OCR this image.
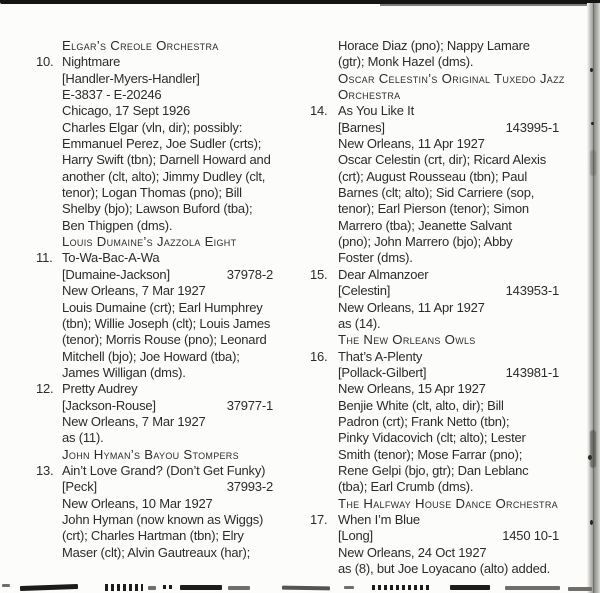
Elgar’s Creole Orchestra
10. Nightmare
[Handler-Myers-Handler]
E-3837 - E-20246
Chicago, 17 Sept 1926
Charles Elgar (vln, dir); possibly:
Emmanuel Perez, Joe Sudler (crts);
Harry Swift (tbn); Darnell Howard and
another (clt, alto); Jimmy Dudley (clt,
tenor); Logan Thomas (pno); Bill
Shelby (bjo); Lawson Buford (tba);
Ben Thigpen (dms).
Louis Dumaine’s Jazzola Eight
11. To-Wa-Bac-A-Wa
[Dumaine-Jackson]	37978-2
New Orleans, 7 Mar 1927
Louis Dumaine (crt); Earl Humphrey
(tbn); Willie Joseph (clt); Louis James
(tenor); Morris Rouse (pno); Leonard
Mitchell (bjo); Joe Howard (tba);
James Willigan (dms).
12. Pretty Audrey
[Jackson-Rouse]	37977-1
New Orleans, 7 Mar 1927
as (11).
John Hyman’s Bayou Stompers
13. Ain’t Love Grand? (Don’t Get Funky)
[Peck]	37993-2
New Orleans, 10 Mar 1927
John Hyman (now known as Wiggs)
(crt); Charles Hartman (tbn); Elry
Maser (clt); Alvin Gautreaux (har);
Horace Diaz (pno); Nappy Lamare
(gtr); Monk Hazel (dms).
Oscar Celestin’s Original Tuxedo Jazz
Orchestra
14. As You Like It
[Barnes]	143995-1
New Orleans, 11 Apr 1927
Oscar Celestin (crt, dir); Ricard Alexis
(crt); August Rousseau (tbn); Paul
Barnes (clt; alto); Sid Carriere (sop,
tenor); Earl Pierson (tenor); Simon
Marrero (tba); Jeanette Salvant
(pno); John Marrero (bjo); Abby
Foster (dms).
15. Dear Almanzoer
[Celestin]	143953-1
New Orleans, 11 Apr 1927
as (14).
The New Orleans Owls
16. That’s A-Plenty
[Pollack-Gilbert]	143981-1
New Orleans, 15 Apr 1927
Benjie White (clt, alto, dir); Bill
Padron (crt); Frank Netto (tbn);
Pinky Vidacovich (clt; alto); Lester
Smith (tenor); Mose Farrar (pno);
Rene Gelpi (bjo, gtr); Dan Leblanc
(tba); Earl Crumb (dms).
The Halfway House Dance Orchestra
17. When I’m Blue
[Long]	1450 10-1
New Orleans, 24 Oct 1927
as (8), but Joe Loyacano (alto) added.
